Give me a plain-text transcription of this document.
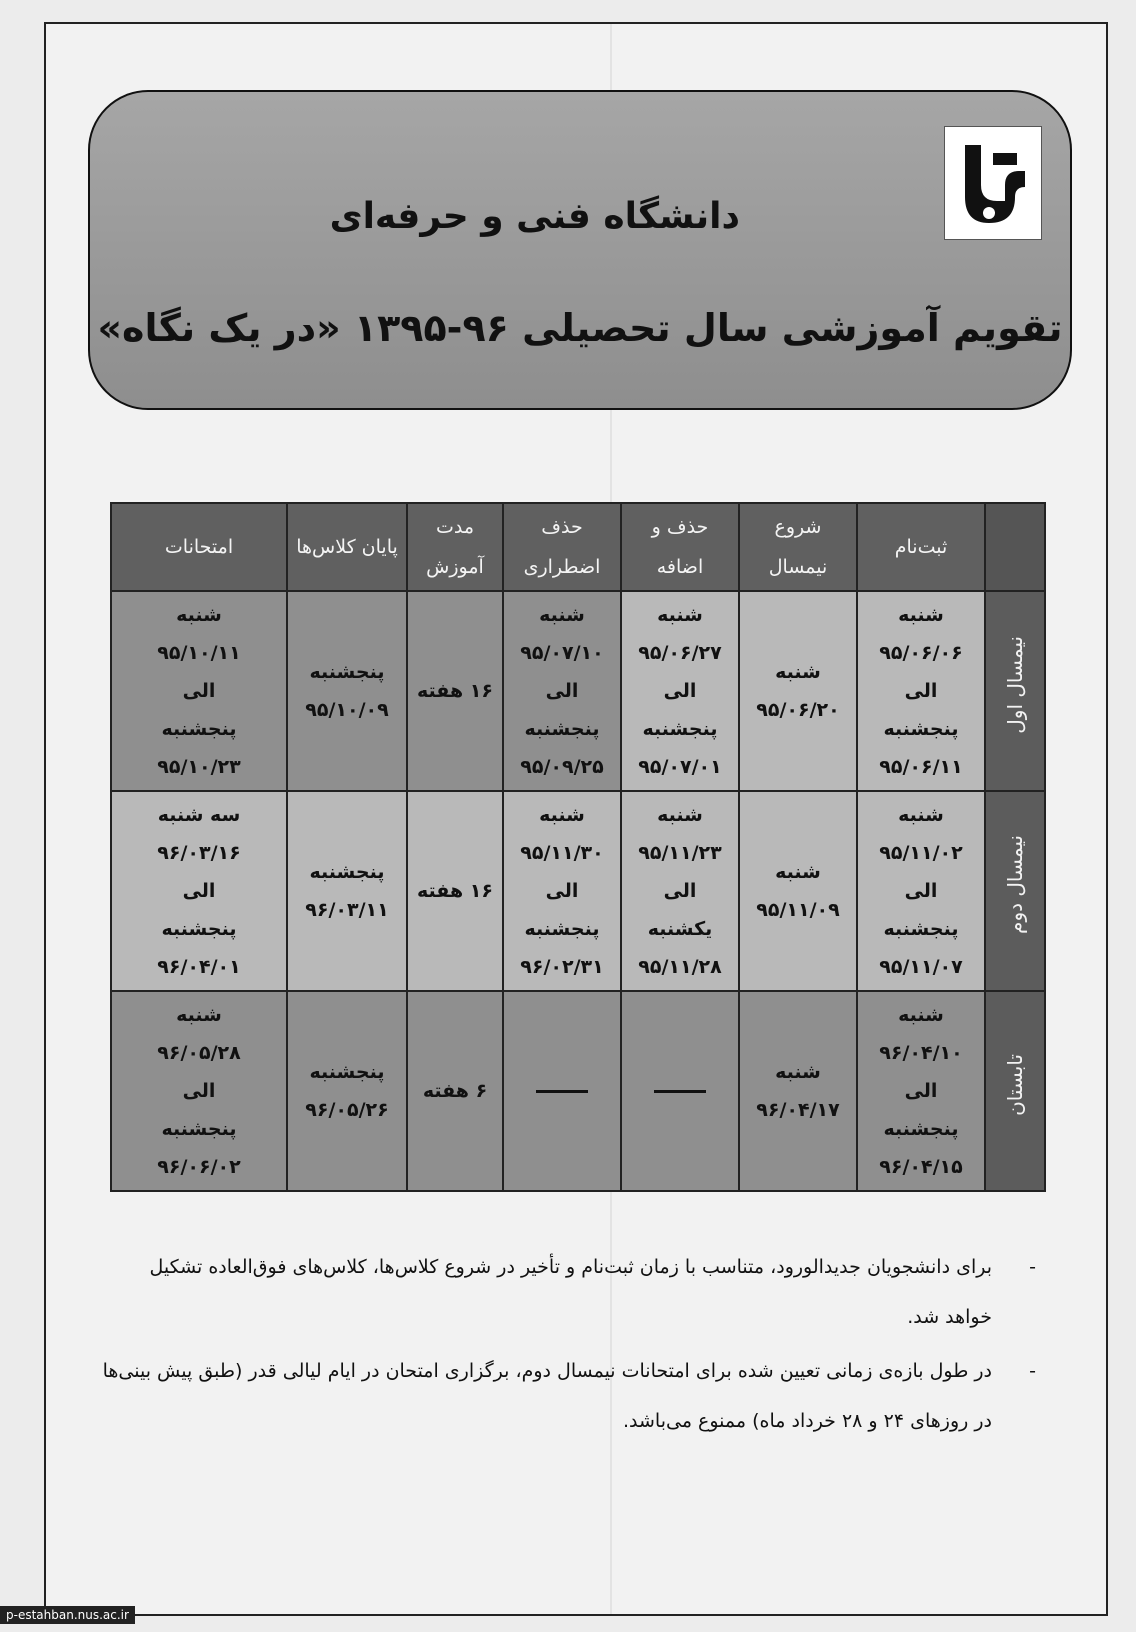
دانشگاه فنی و حرفه‌ای
تقویم آموزشی سال تحصیلی ۹۶-۱۳۹۵ «در یک نگاه»
	ثبت‌نام	شروع نیمسال	حذف و اضافه	حذف اضطراری	مدت آموزش	پایان کلاس‌ها	امتحانات
نیمسال اول	شنبه
۹۵/۰۶/۰۶
الی
پنجشنبه
۹۵/۰۶/۱۱	شنبه
۹۵/۰۶/۲۰	شنبه
۹۵/۰۶/۲۷
الی
پنجشنبه
۹۵/۰۷/۰۱	شنبه
۹۵/۰۷/۱۰
الی
پنجشنبه
۹۵/۰۹/۲۵	۱۶ هفته	پنجشنبه
۹۵/۱۰/۰۹	شنبه
۹۵/۱۰/۱۱
الی
پنجشنبه
۹۵/۱۰/۲۳

نیمسال دوم	شنبه
۹۵/۱۱/۰۲
الی
پنجشنبه
۹۵/۱۱/۰۷	شنبه
۹۵/۱۱/۰۹	شنبه
۹۵/۱۱/۲۳
الی
یکشنبه
۹۵/۱۱/۲۸	شنبه
۹۵/۱۱/۳۰
الی
پنجشنبه
۹۶/۰۲/۳۱	۱۶ هفته	پنجشنبه
۹۶/۰۳/۱۱	سه شنبه
۹۶/۰۳/۱۶
الی
پنجشنبه
۹۶/۰۴/۰۱

تابستان	شنبه
۹۶/۰۴/۱۰
الی
پنجشنبه
۹۶/۰۴/۱۵	شنبه
۹۶/۰۴/۱۷			۶ هفته	پنجشنبه
۹۶/۰۵/۲۶	شنبه
۹۶/۰۵/۲۸
الی
پنجشنبه
۹۶/۰۶/۰۲
- برای دانشجویان جدیدالورود، متناسب با زمان ثبت‌نام و تأخیر در شروع کلاس‌ها، کلاس‌های فوق‌العاده تشکیل خواهد شد.
- در طول بازه‌ی زمانی تعیین شده برای امتحانات نیمسال دوم، برگزاری امتحان در ایام لیالی قدر (طبق پیش بینی‌ها در روزهای ۲۴ و ۲۸ خرداد ماه) ممنوع می‌باشد.
p-estahban.nus.ac.ir
